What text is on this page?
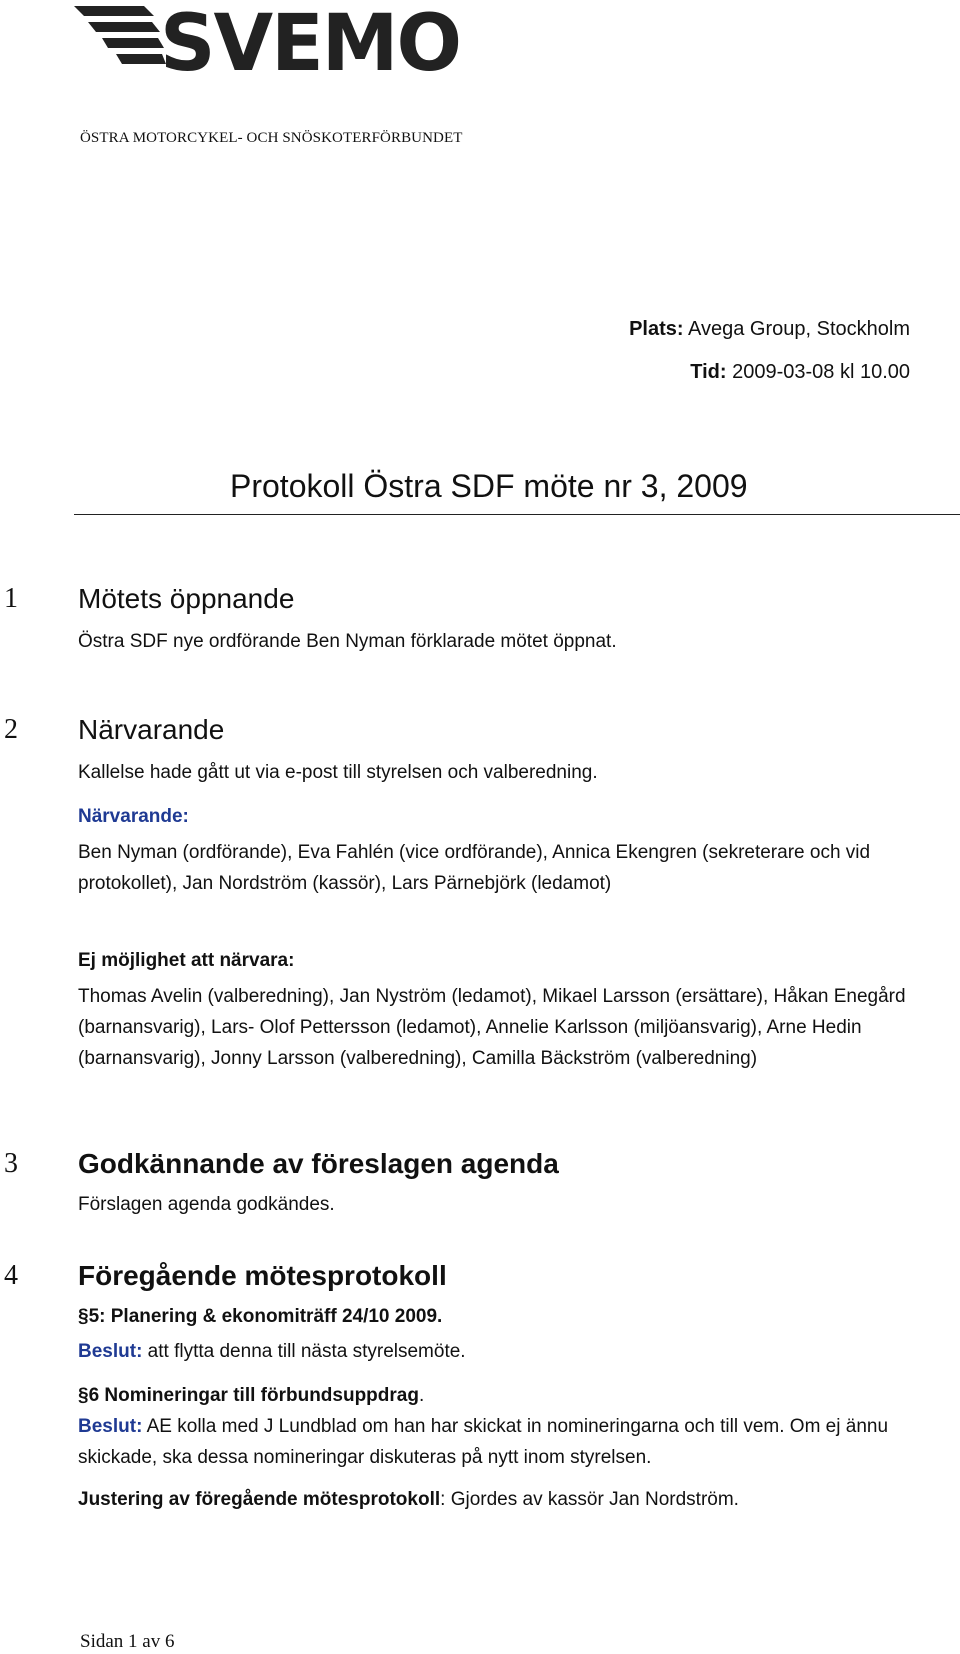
SVEMO
ÖSTRA MOTORCYKEL- OCH SNÖSKOTERFÖRBUNDET
Plats: Avega Group, Stockholm
Tid: 2009-03-08 kl 10.00
Protokoll Östra SDF möte nr 3, 2009
1 Mötets öppnande
Östra SDF nye ordförande Ben Nyman förklarade mötet öppnat.
2 Närvarande
Kallelse hade gått ut via e-post till styrelsen och valberedning.
Närvarande:
Ben Nyman (ordförande), Eva Fahlén (vice ordförande), Annica Ekengren (sekreterare och vid protokollet), Jan Nordström (kassör), Lars Pärnebjörk (ledamot)
Ej möjlighet att närvara:
Thomas Avelin (valberedning), Jan Nyström (ledamot), Mikael Larsson (ersättare), Håkan Enegård (barnansvarig), Lars- Olof Pettersson (ledamot), Annelie Karlsson (miljöansvarig), Arne Hedin (barnansvarig), Jonny Larsson (valberedning), Camilla Bäckström (valberedning)
3 Godkännande av föreslagen agenda
Förslagen agenda godkändes.
4 Föregående mötesprotokoll
§5: Planering & ekonomiträff 24/10 2009.
Beslut: att flytta denna till nästa styrelsemöte.
§6 Nomineringar till förbundsuppdrag.
Beslut: AE kolla med J Lundblad om han har skickat in nomineringarna och till vem. Om ej ännu skickade, ska dessa nomineringar diskuteras på nytt inom styrelsen.
Justering av föregående mötesprotokoll: Gjordes av kassör Jan Nordström.
Sidan 1 av 6
